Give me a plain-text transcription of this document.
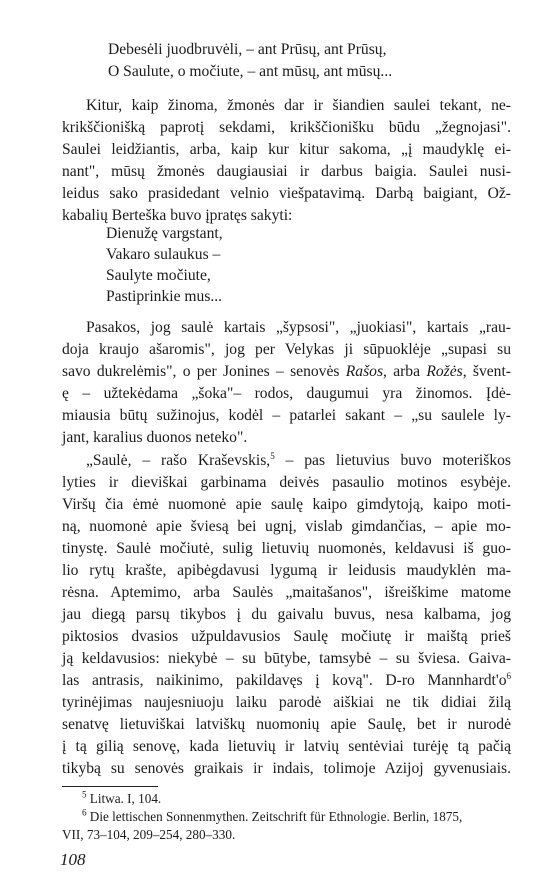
Debesėli juodbruvėli, – ant Prūsų, ant Prūsų,

O Saulute, o močiute, – ant mūsų, ant mūsų...

Kitur, kaip žinoma, žmonės dar ir šiandien saulei tekant, ne-

krikščionišką paprotį sekdami, krikščionišku būdu „žegnojasi".

Saulei leidžiantis, arba, kaip kur kitur sakoma, „į maudyklę ei-

nant", mūsų žmonės daugiausiai ir darbus baigia. Saulei nusi-

leidus sako prasidedant velnio viešpatavimą. Darbą baigiant, Ož-

kabalių Berteška buvo įpratęs sakyti:

Dienužę vargstant,

Vakaro sulaukus –

Saulyte močiute,

Pastiprinkie mus...

Pasakos, jog saulė kartais „šypsosi", „juokiasi", kartais „rau-

doja kraujo ašaromis", jog per Velykas ji sūpuoklėje „supasi su

savo dukrelėmis", o per Jonines – senovės Rašos, arba Rožės, švent-

ę – užtekėdama „šoka"– rodos, daugumui yra žinomos. Įdė-

miausia būtų sužinojus, kodėl – patarlei sakant – „su saulele ly-

jant, karalius duonos neteko".

„Saulė, – rašo Kraševskis,$^5$ – pas lietuvius buvo moteriškos

lyties ir dieviškai garbinama deivės pasaulio motinos esybėje.

Viršų čia ėmė nuomonė apie saulę kaipo gimdytoją, kaipo moti-

ną, nuomonė apie šviesą bei ugnį, vislab gimdančias, – apie mo-

tinystę. Saulė močiutė, sulig lietuvių nuomonės, keldavusi iš guo-

lio rytų krašte, apibėgdavusi lygumą ir leidusis maudyklėn ma-

rėsna. Aptemimo, arba Saulės „maitašanos", išreiškime matome

jau diegą parsų tikybos į du gaivalu buvus, nesa kalbama, jog

piktosios dvasios užpuldavusios Saulę močiutę ir maištą prieš

ją keldavusios: niekybė – su būtybe, tamsybė – su šviesa. Gaiva-

las antrasis, naikinimo, pakildavęs į kovą". D-ro $Mannhardt'o^6$

tyrinėjimas naujesniuoju laiku parodė aiškiai ne tik didiai žilą

senatvę lietuviškai latviškų nuomonių apie Saulę, bet ir nurodė

į tą gilią senovę, kada lietuvių ir latvių sentėviai turėję tą pačią

tikybą su senovės graikais ir indais, tolimoje Azijoj gyvenusiais.

$^5$ Litwa. I, 104.

$^6$ Die lettischen Sonnenmythen. Zeitschrift für Ethnologie. Berlin, 1875,

VII, 73–104, 209–254, 280–330.

108
